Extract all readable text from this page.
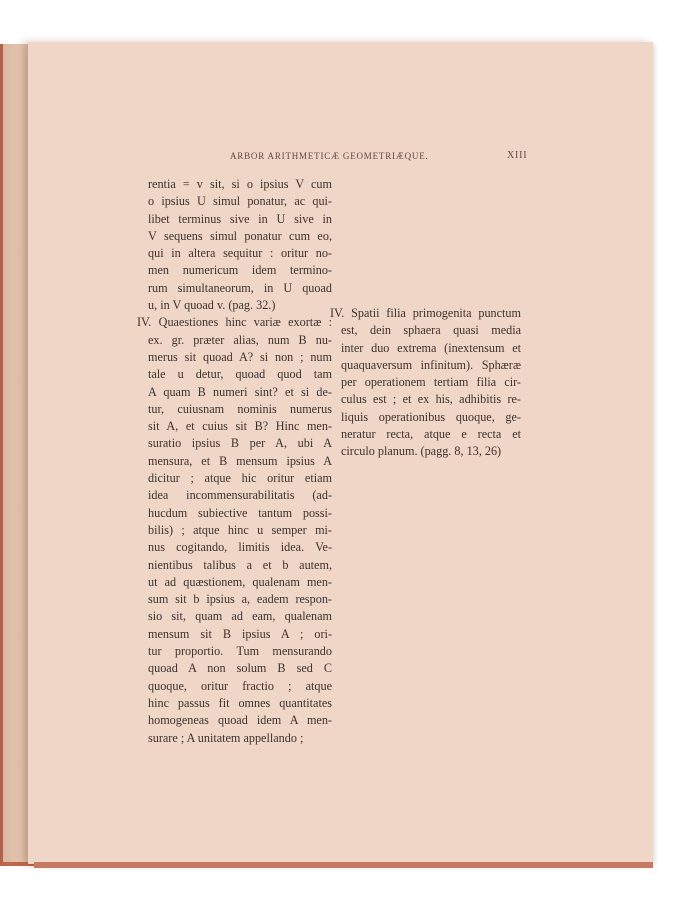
ARBOR ARITHMETICÆ GEOMETRIÆQUE.	XIII
rentia = v sit, si o ipsius V cum
o ipsius U simul ponatur, ac qui-
libet terminus sive in U sive in
V sequens simul ponatur cum eo,
qui in altera sequitur : oritur no-
men numericum idem termino-
rum simultaneorum, in U quoad
u, in V quoad v. (pag. 32.)
IV. Quaestiones hinc variæ exortæ :
ex. gr. præter alias, num B nu-
merus sit quoad A? si non ; num
tale u detur, quoad quod tam
A quam B numeri sint? et si de-
tur, cuiusnam nominis numerus
sit A, et cuius sit B? Hinc men-
suratio ipsius B per A, ubi A
mensura, et B mensum ipsius A
dicitur ; atque hic oritur etiam
idea incommensurabilitatis (ad-
hucdum subiective tantum possi-
bilis) ; atque hinc u semper mi-
nus cogitando, limitis idea. Ve-
nientibus talibus a et b autem,
ut ad quæstionem, qualenam men-
sum sit b ipsius a, eadem respon-
sio sit, quam ad eam, qualenam
mensum sit B ipsius A ; ori-
tur proportio. Tum mensurando
quoad A non solum B sed C
quoque, oritur fractio ; atque
hinc passus fit omnes quantitates
homogeneas quoad idem A men-
surare ; A unitatem appellando ;
IV. Spatii filia primogenita punctum
est, dein sphaera quasi media
inter duo extrema (inextensum et
quaquaversum infinitum). Sphæræ
per operationem tertiam filia cir-
culus est ; et ex his, adhibitis re-
liquis operationibus quoque, ge-
neratur recta, atque e recta et
circulo planum. (pagg. 8, 13, 26)
